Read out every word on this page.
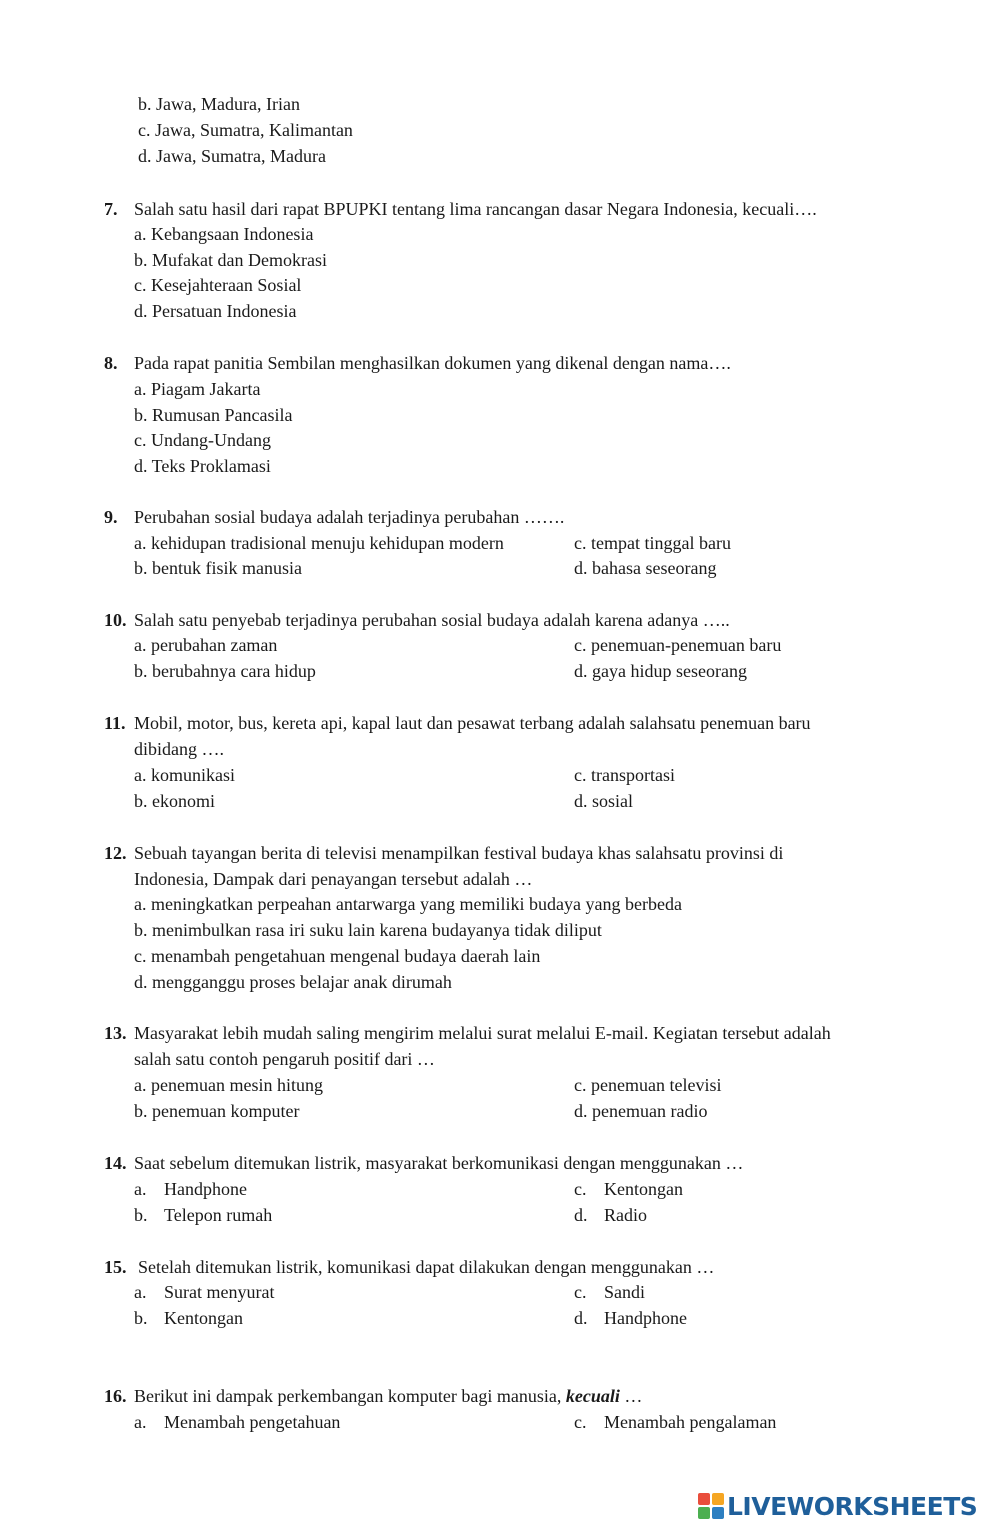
b. Jawa, Madura, Irian
c. Jawa, Sumatra, Kalimantan
d. Jawa, Sumatra, Madura
7. Salah satu hasil dari rapat BPUPKI tentang lima rancangan dasar Negara Indonesia, kecuali….
a. Kebangsaan Indonesia
b. Mufakat dan Demokrasi
c. Kesejahteraan Sosial
d. Persatuan Indonesia
8. Pada rapat panitia Sembilan menghasilkan dokumen yang dikenal dengan nama….
a. Piagam Jakarta
b. Rumusan Pancasila
c. Undang-Undang
d. Teks Proklamasi
9. Perubahan sosial budaya adalah terjadinya perubahan …….
a. kehidupan tradisional menuju kehidupan modern	c. tempat tinggal baru
b. bentuk fisik manusia	d. bahasa seseorang
10. Salah satu penyebab terjadinya perubahan sosial budaya adalah karena adanya …..
a. perubahan zaman	c. penemuan-penemuan baru
b. berubahnya cara hidup	d. gaya hidup seseorang
11. Mobil, motor, bus, kereta api, kapal laut dan pesawat terbang adalah salahsatu penemuan baru
dibidang ….
a. komunikasi	c. transportasi
b. ekonomi	d. sosial
12. Sebuah tayangan berita di televisi menampilkan festival budaya khas salahsatu provinsi di
Indonesia, Dampak dari penayangan tersebut adalah …
a. meningkatkan perpeahan antarwarga yang memiliki budaya yang berbeda
b. menimbulkan rasa iri suku lain karena budayanya tidak diliput
c. menambah pengetahuan mengenal budaya daerah lain
d. mengganggu proses belajar anak dirumah
13. Masyarakat lebih mudah saling mengirim melalui surat melalui E-mail. Kegiatan tersebut adalah
salah satu contoh pengaruh positif dari …
a. penemuan mesin hitung	c. penemuan televisi
b. penemuan komputer	d. penemuan radio
14. Saat sebelum ditemukan listrik, masyarakat berkomunikasi dengan menggunakan …
a. Handphone	c. Kentongan
b. Telepon rumah	d. Radio
15. Setelah ditemukan listrik, komunikasi dapat dilakukan dengan menggunakan …
a. Surat menyurat	c. Sandi
b. Kentongan	d. Handphone
16. Berikut ini dampak perkembangan komputer bagi manusia, kecuali …
a. Menambah pengetahuan	c. Menambah pengalaman
LIVEWORKSHEETS
